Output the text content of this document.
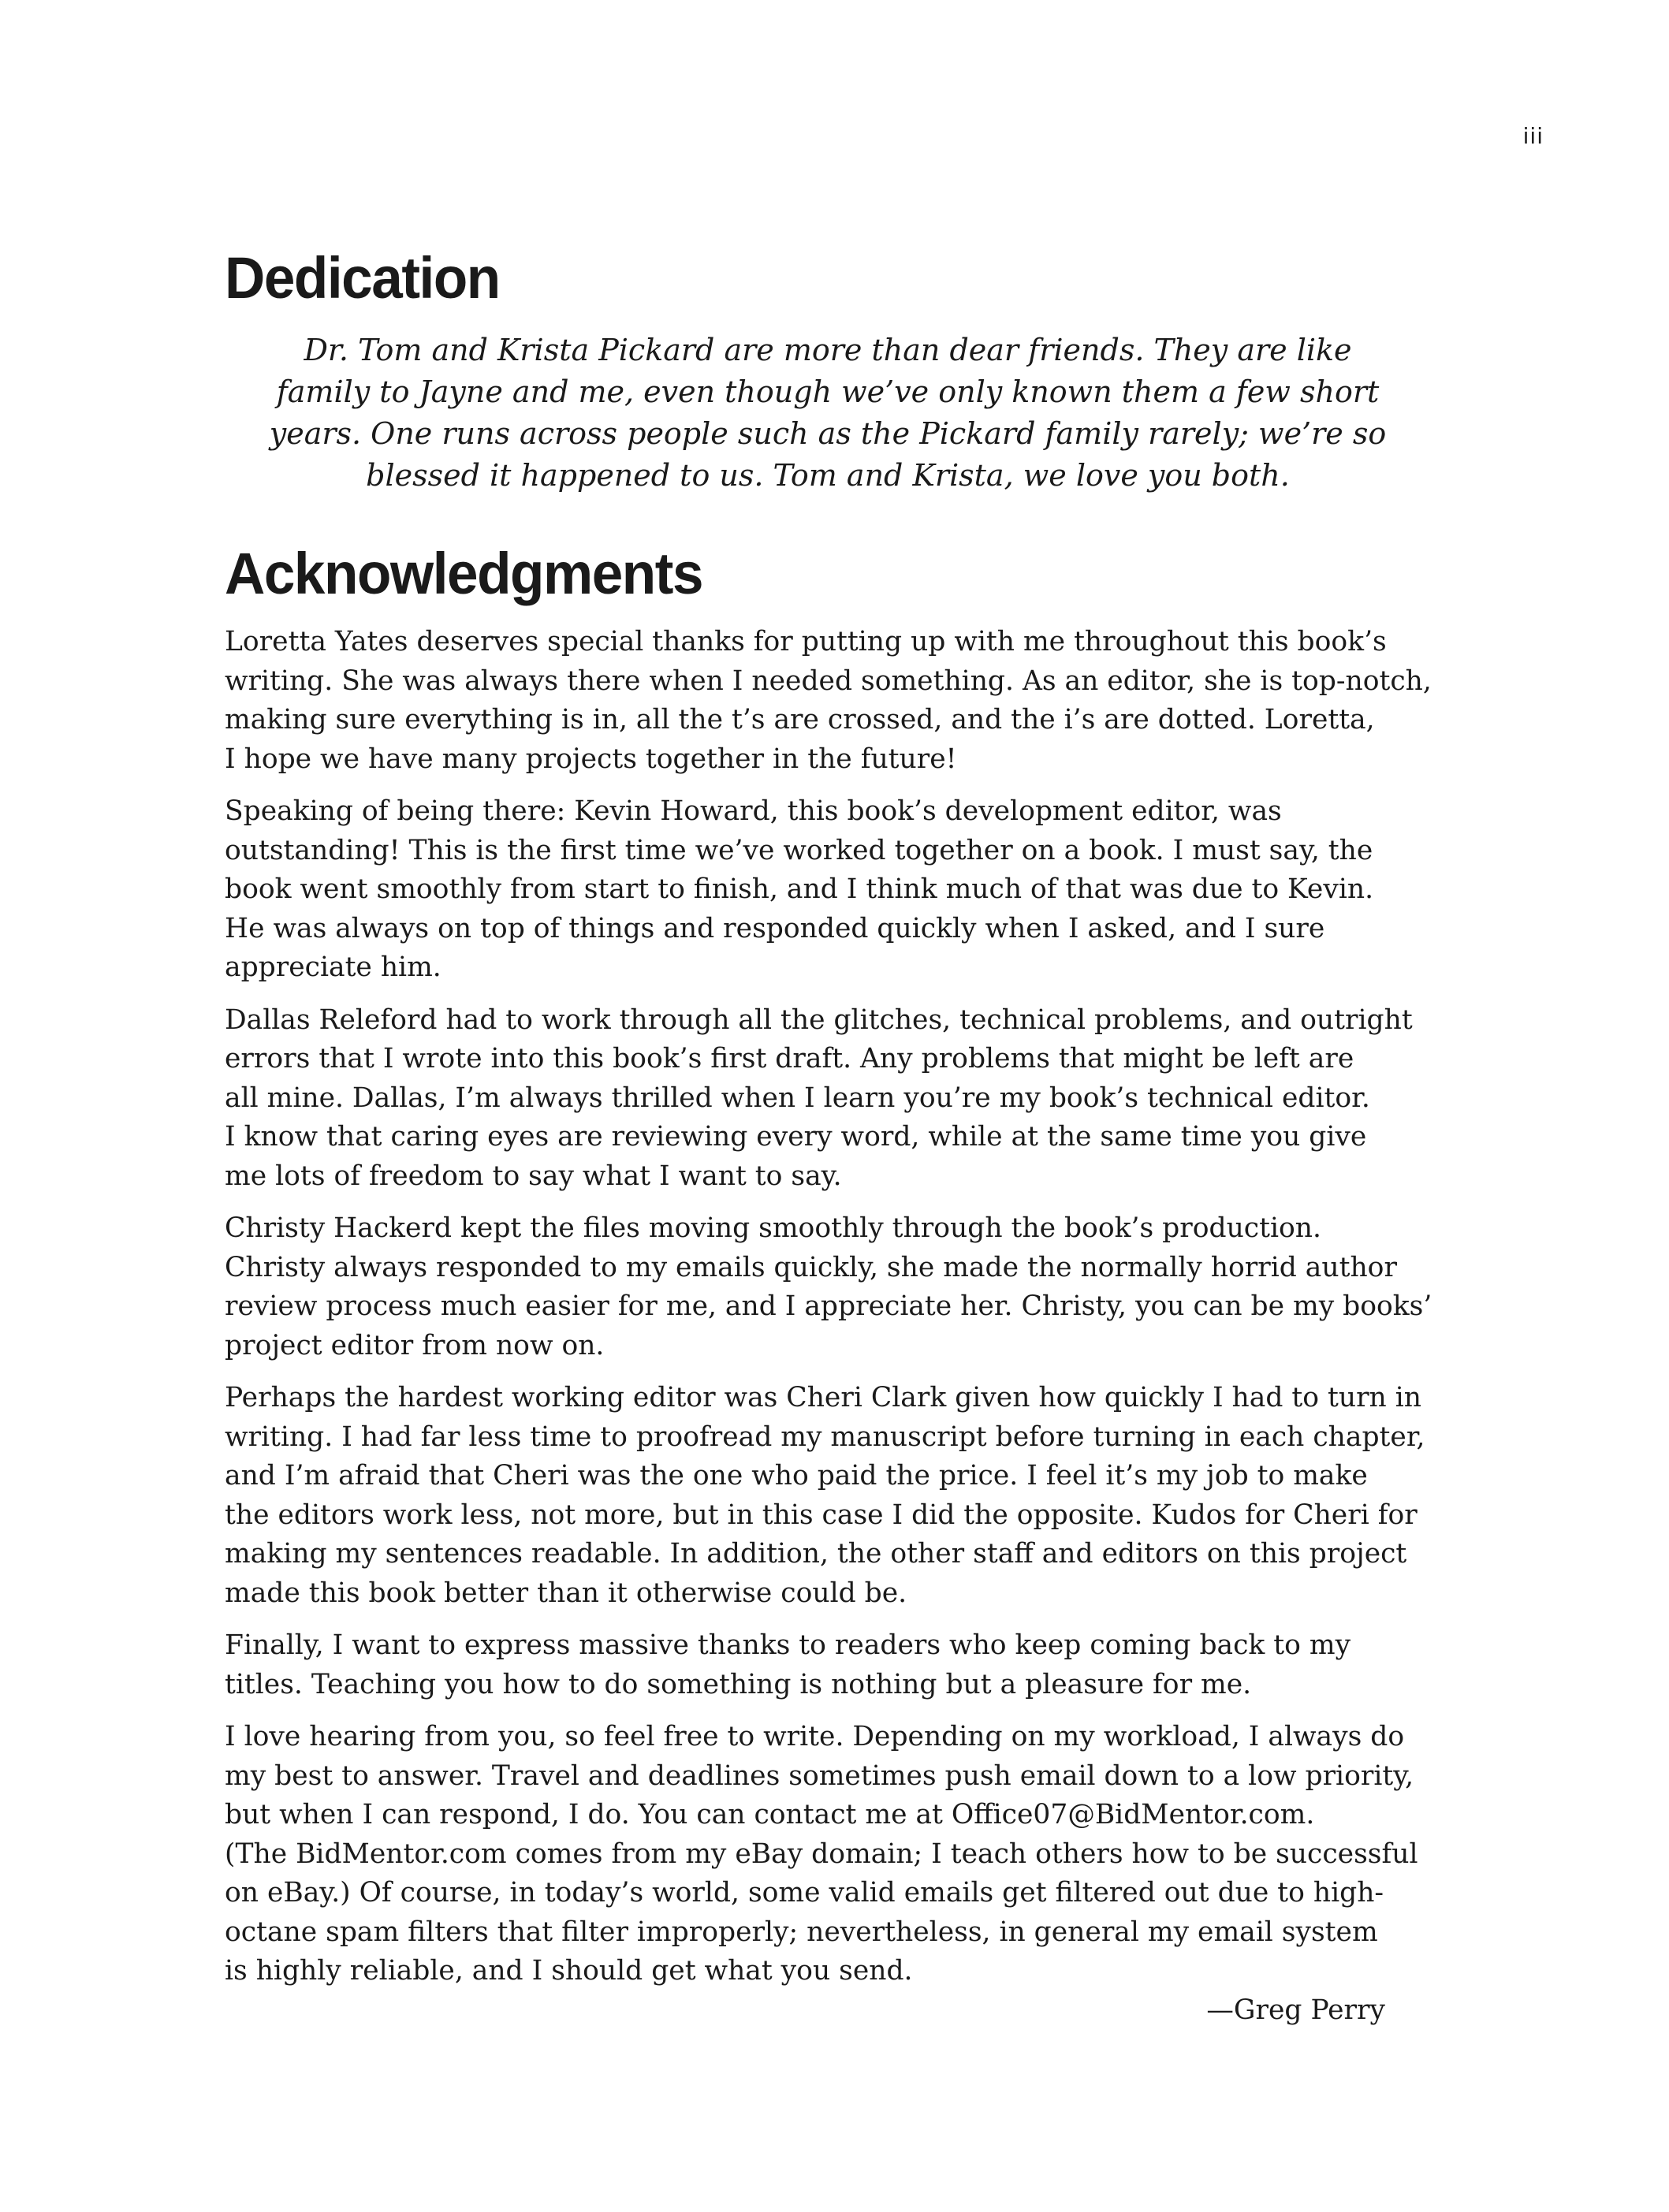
iii
Dedication

Dr. Tom and Krista Pickard are more than dear friends. They are like
family to Jayne and me, even though we’ve only known them a few short
years. One runs across people such as the Pickard family rarely; we’re so
blessed it happened to us. Tom and Krista, we love you both.

Acknowledgments

Loretta Yates deserves special thanks for putting up with me throughout this book’s
writing. She was always there when I needed something. As an editor, she is top-notch,
making sure everything is in, all the t’s are crossed, and the i’s are dotted. Loretta,
I hope we have many projects together in the future!

Speaking of being there: Kevin Howard, this book’s development editor, was
outstanding! This is the first time we’ve worked together on a book. I must say, the
book went smoothly from start to finish, and I think much of that was due to Kevin.
He was always on top of things and responded quickly when I asked, and I sure
appreciate him.

Dallas Releford had to work through all the glitches, technical problems, and outright
errors that I wrote into this book’s first draft. Any problems that might be left are
all mine. Dallas, I’m always thrilled when I learn you’re my book’s technical editor.
I know that caring eyes are reviewing every word, while at the same time you give
me lots of freedom to say what I want to say.

Christy Hackerd kept the files moving smoothly through the book’s production.
Christy always responded to my emails quickly, she made the normally horrid author
review process much easier for me, and I appreciate her. Christy, you can be my books’
project editor from now on.

Perhaps the hardest working editor was Cheri Clark given how quickly I had to turn in
writing. I had far less time to proofread my manuscript before turning in each chapter,
and I’m afraid that Cheri was the one who paid the price. I feel it’s my job to make
the editors work less, not more, but in this case I did the opposite. Kudos for Cheri for
making my sentences readable. In addition, the other staff and editors on this project
made this book better than it otherwise could be.

Finally, I want to express massive thanks to readers who keep coming back to my
titles. Teaching you how to do something is nothing but a pleasure for me.

I love hearing from you, so feel free to write. Depending on my workload, I always do
my best to answer. Travel and deadlines sometimes push email down to a low priority,
but when I can respond, I do. You can contact me at Office07@BidMentor.com.
(The BidMentor.com comes from my eBay domain; I teach others how to be successful
on eBay.) Of course, in today’s world, some valid emails get filtered out due to high-
octane spam filters that filter improperly; nevertheless, in general my email system
is highly reliable, and I should get what you send.

—Greg Perry
